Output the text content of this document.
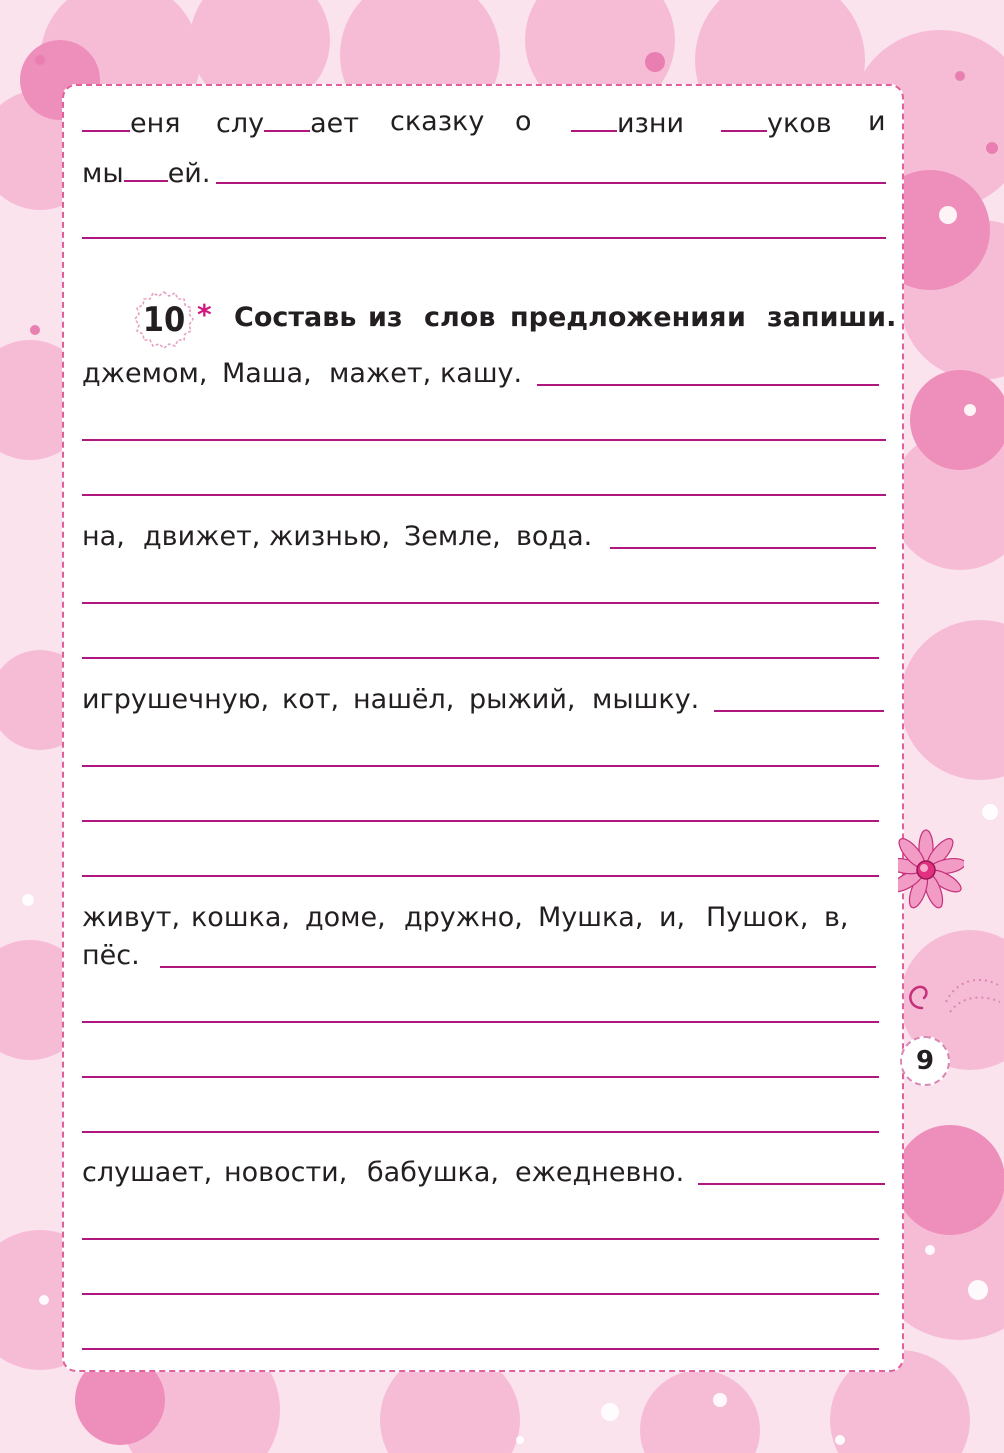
еня слу ает сказку о	изни	уков и
мы ей.
10 * Составь из слов предложения и запиши.
джемом, Маша, мажет, кашу.
на, движет, жизнью, Земле, вода.
игрушечную, кот, нашёл, рыжий, мышку.
живут, кошка, доме, дружно, Мушка, и, Пушок, в,
пёс.
слушает, новости, бабушка, ежедневно.
9
